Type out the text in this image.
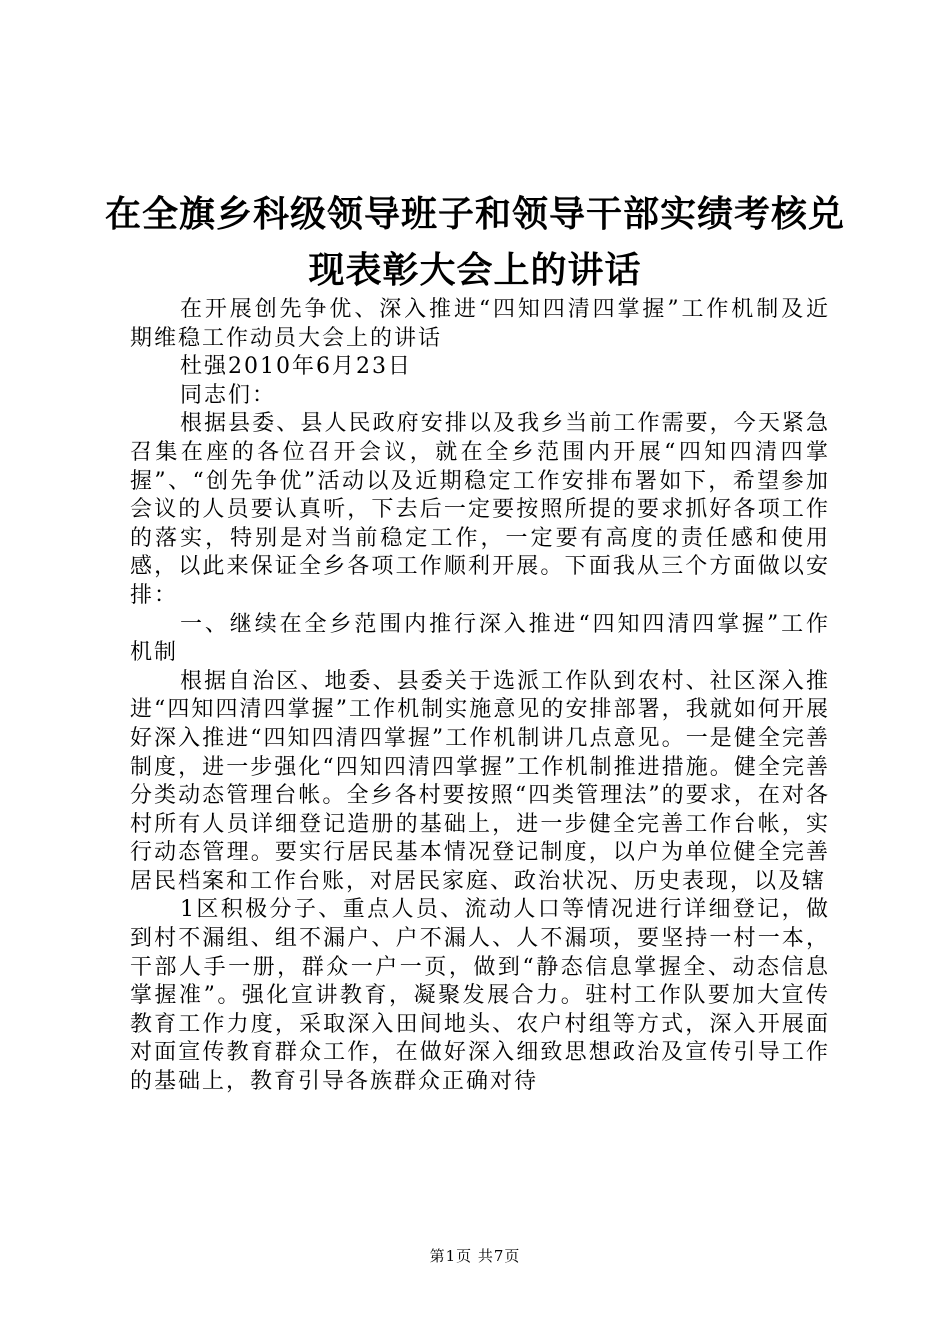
在全旗乡科级领导班子和领导干部实绩考核兑
现表彰大会上的讲话

在开展创先争优、深入推进“四知四清四掌握”工作机制及近期维稳工作动员大会上的讲话

杜强2010年6月23日

同志们：

根据县委、县人民政府安排以及我乡当前工作需要，今天紧急召集在座的各位召开会议，就在全乡范围内开展“四知四清四掌握”、“创先争优”活动以及近期稳定工作安排布署如下，希望参加会议的人员要认真听，下去后一定要按照所提的要求抓好各项工作的落实，特别是对当前稳定工作，一定要有高度的责任感和使用感，以此来保证全乡各项工作顺利开展。下面我从三个方面做以安排：

一、继续在全乡范围内推行深入推进“四知四清四掌握”工作机制

根据自治区、地委、县委关于选派工作队到农村、社区深入推进“四知四清四掌握”工作机制实施意见的安排部署，我就如何开展好深入推进“四知四清四掌握”工作机制讲几点意见。一是健全完善制度，进一步强化“四知四清四掌握”工作机制推进措施。健全完善分类动态管理台帐。全乡各村要按照“四类管理法”的要求，在对各村所有人员详细登记造册的基础上，进一步健全完善工作台帐，实行动态管理。要实行居民基本情况登记制度，以户为单位健全完善居民档案和工作台账，对居民家庭、政治状况、历史表现，以及辖

1区积极分子、重点人员、流动人口等情况进行详细登记，做到村不漏组、组不漏户、户不漏人、人不漏项，要坚持一村一本，干部人手一册，群众一户一页，做到“静态信息掌握全、动态信息掌握准”。强化宣讲教育，凝聚发展合力。驻村工作队要加大宣传教育工作力度，采取深入田间地头、农户村组等方式，深入开展面对面宣传教育群众工作，在做好深入细致思想政治及宣传引导工作的基础上，教育引导各族群众正确对待

第1页 共7页
